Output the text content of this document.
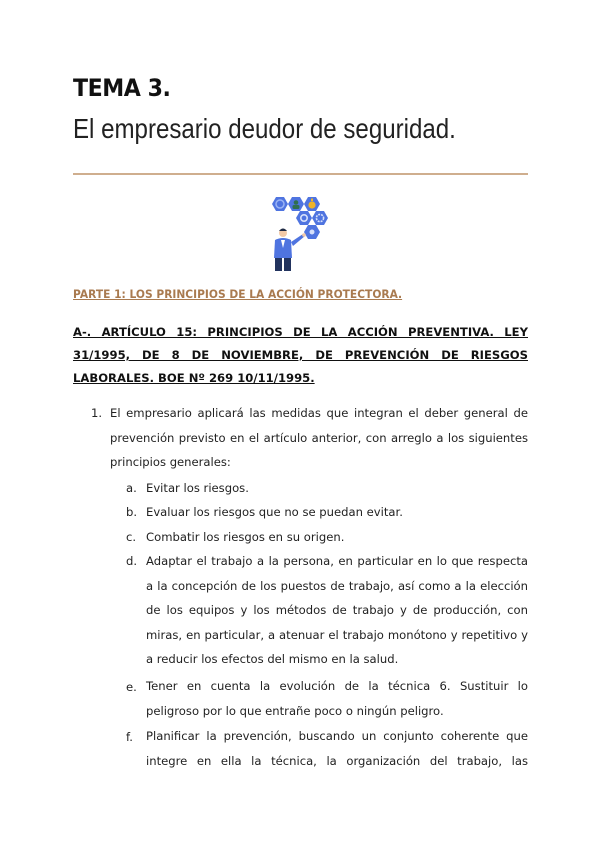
TEMA 3.
El empresario deudor de seguridad.
PARTE 1: LOS PRINCIPIOS DE LA ACCIÓN PROTECTORA.
A-. ARTÍCULO 15: PRINCIPIOS DE LA ACCIÓN PREVENTIVA. LEY 31/1995, DE 8 DE NOVIEMBRE, DE PREVENCIÓN DE RIESGOS LABORALES. BOE Nº 269 10/11/1995.
1. El empresario aplicará las medidas que integran el deber general de prevención previsto en el artículo anterior, con arreglo a los siguientes principios generales:
a. Evitar los riesgos.
b. Evaluar los riesgos que no se puedan evitar.
c. Combatir los riesgos en su origen.
d. Adaptar el trabajo a la persona, en particular en lo que respecta a la concepción de los puestos de trabajo, así como a la elección de los equipos y los métodos de trabajo y de producción, con miras, en particular, a atenuar el trabajo monótono y repetitivo y a reducir los efectos del mismo en la salud.
e. Tener en cuenta la evolución de la técnica 6. Sustituir lo peligroso por lo que entrañe poco o ningún peligro.
f. Planificar la prevención, buscando un conjunto coherente que integre en ella la técnica, la organización del trabajo, las
